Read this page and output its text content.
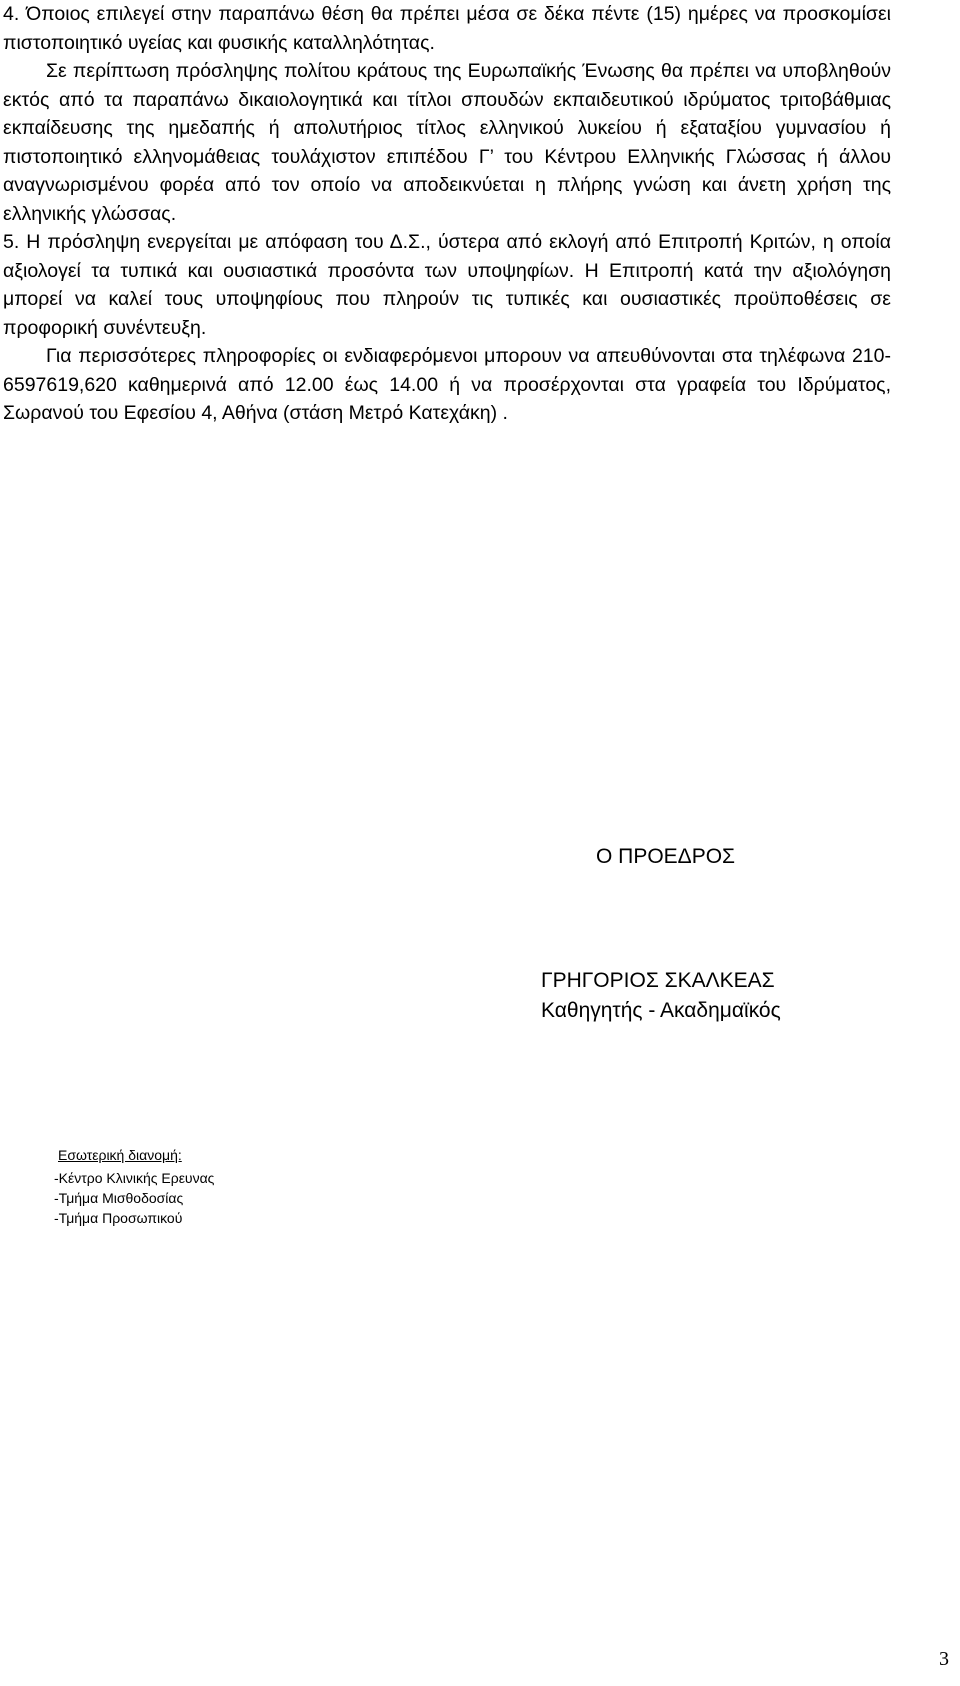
4. Όποιος επιλεγεί στην παραπάνω θέση θα πρέπει μέσα σε δέκα πέντε (15) ημέρες να προσκομίσει πιστοποιητικό υγείας και φυσικής καταλληλότητας.

Σε περίπτωση πρόσληψης πολίτου κράτους της Ευρωπαϊκής Ένωσης θα πρέπει να υποβληθούν εκτός από τα παραπάνω δικαιολογητικά και τίτλοι σπουδών εκπαιδευτικού ιδρύματος τριτοβάθμιας εκπαίδευσης της ημεδαπής ή απολυτήριος τίτλος ελληνικού λυκείου ή εξαταξίου γυμνασίου ή πιστοποιητικό ελληνομάθειας τουλάχιστον επιπέδου Γ’ του Κέντρου Ελληνικής Γλώσσας ή άλλου αναγνωρισμένου φορέα από τον οποίο να αποδεικνύεται η πλήρης γνώση και άνετη χρήση της ελληνικής γλώσσας.

5. Η πρόσληψη ενεργείται με απόφαση του Δ.Σ., ύστερα από εκλογή από Επιτροπή Κριτών, η οποία αξιολογεί τα τυπικά και ουσιαστικά προσόντα των υποψηφίων. Η Επιτροπή κατά την αξιολόγηση μπορεί να καλεί τους υποψηφίους που πληρούν τις τυπικές και ουσιαστικές προϋποθέσεις σε προφορική συνέντευξη.

Για περισσότερες πληροφορίες οι ενδιαφερόμενοι μπορουν να απευθύνονται στα τηλέφωνα 210-6597619,620 καθημερινά από 12.00 έως 14.00 ή να προσέρχονται στα γραφεία του Ιδρύματος, Σωρανού του Εφεσίου 4, Αθήνα (στάση Μετρό Κατεχάκη) .

Ο ΠΡΟΕΔΡΟΣ
ΓΡΗΓΟΡΙΟΣ ΣΚΑΛΚΕΑΣ
Καθηγητής - Ακαδημαϊκός

Εσωτερική διανομή:

-Κέντρο Κλινικής Ερευνας

-Τμήμα Μισθοδοσίας

-Τμήμα Προσωπικού

3
